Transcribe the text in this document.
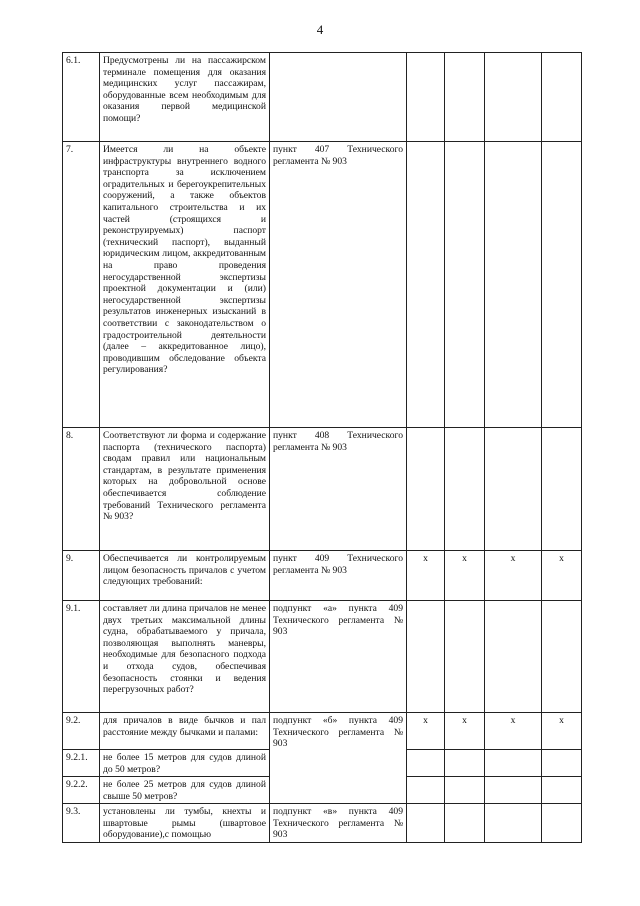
4
6.1.	Предусмотрены ли на пассажирском терминале помещения для оказания медицинских услуг пассажирам, оборудованные всем необходимым для оказания первой медицинской помощи?					
7.	Имеется ли на объекте инфраструктуры внутреннего водного транспорта за исключением оградительных и берегоукрепительных сооружений, а также объектов капитального строительства и их частей (строящихся и реконструируемых) паспорт (технический паспорт), выданный юридическим лицом, аккредитованным на право проведения негосударственной экспертизы проектной документации и (или) негосударственной экспертизы результатов инженерных изысканий в соответствии с законодательством о градостроительной деятельности (далее – аккредитованное лицо), проводившим обследование объекта регулирования?	пункт 407 Технического регламента № 903				
8.	Соответствуют ли форма и содержание паспорта (технического паспорта) сводам правил или национальным стандартам, в результате применения которых на добровольной основе обеспечивается соблюдение требований Технического регламента № 903?	пункт 408 Технического регламента № 903				
9.	Обеспечивается ли контролируемым лицом безопасность причалов с учетом следующих требований:	пункт 409 Технического регламента № 903	x	x	x	x
9.1.	составляет ли длина причалов не менее двух третьих максимальной длины судна, обрабатываемого у причала, позволяющая выполнять маневры, необходимые для безопасного подхода и отхода судов, обеспечивая безопасность стоянки и ведения перегрузочных работ?	подпункт «а» пункта 409 Технического регламента № 903				
9.2.	для причалов в виде бычков и пал расстояние между бычками и палами:	подпункт «б» пункта 409 Технического регламента № 903	x	x	x	x
9.2.1.	не более 15 метров для судов длиной до 50 метров?					
9.2.2.	не более 25 метров для судов длиной свыше 50 метров?					
9.3.	установлены ли тумбы, кнехты и швартовые рымы (швартовое оборудование),с помощью	подпункт «в» пункта 409 Технического регламента № 903				
